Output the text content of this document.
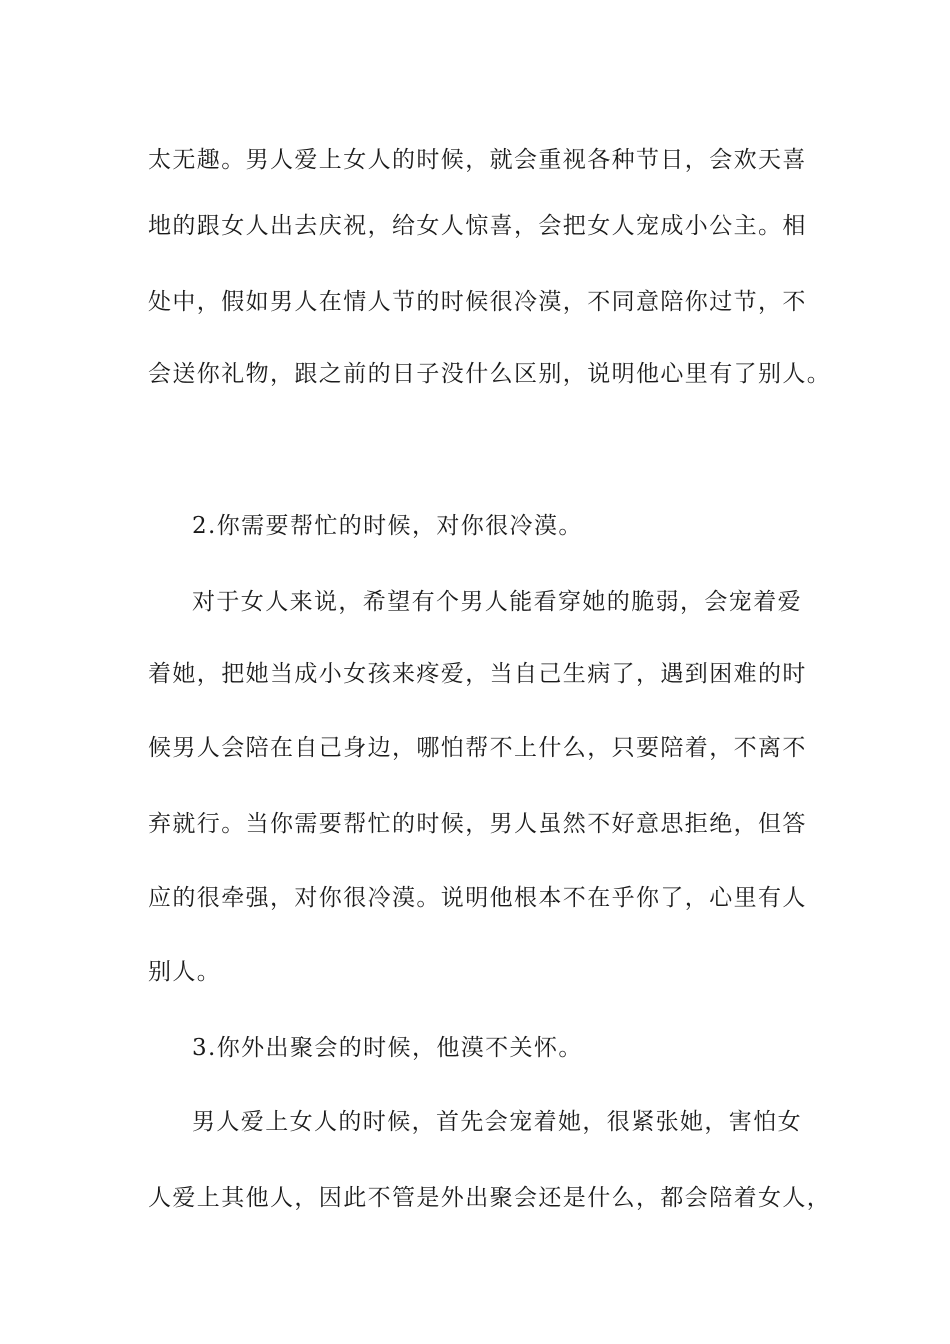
太无趣。男人爱上女人的时候，就会重视各种节日，会欢天喜
地的跟女人出去庆祝，给女人惊喜，会把女人宠成小公主。相
处中，假如男人在情人节的时候很冷漠，不同意陪你过节，不
会送你礼物，跟之前的日子没什么区别，说明他心里有了别人。
2.你需要帮忙的时候，对你很冷漠。
对于女人来说，希望有个男人能看穿她的脆弱，会宠着爱
着她，把她当成小女孩来疼爱，当自己生病了，遇到困难的时
候男人会陪在自己身边，哪怕帮不上什么，只要陪着，不离不
弃就行。当你需要帮忙的时候，男人虽然不好意思拒绝，但答
应的很牵强，对你很冷漠。说明他根本不在乎你了，心里有人
别人。
3.你外出聚会的时候，他漠不关怀。
男人爱上女人的时候，首先会宠着她，很紧张她，害怕女
人爱上其他人，因此不管是外出聚会还是什么，都会陪着女人，
